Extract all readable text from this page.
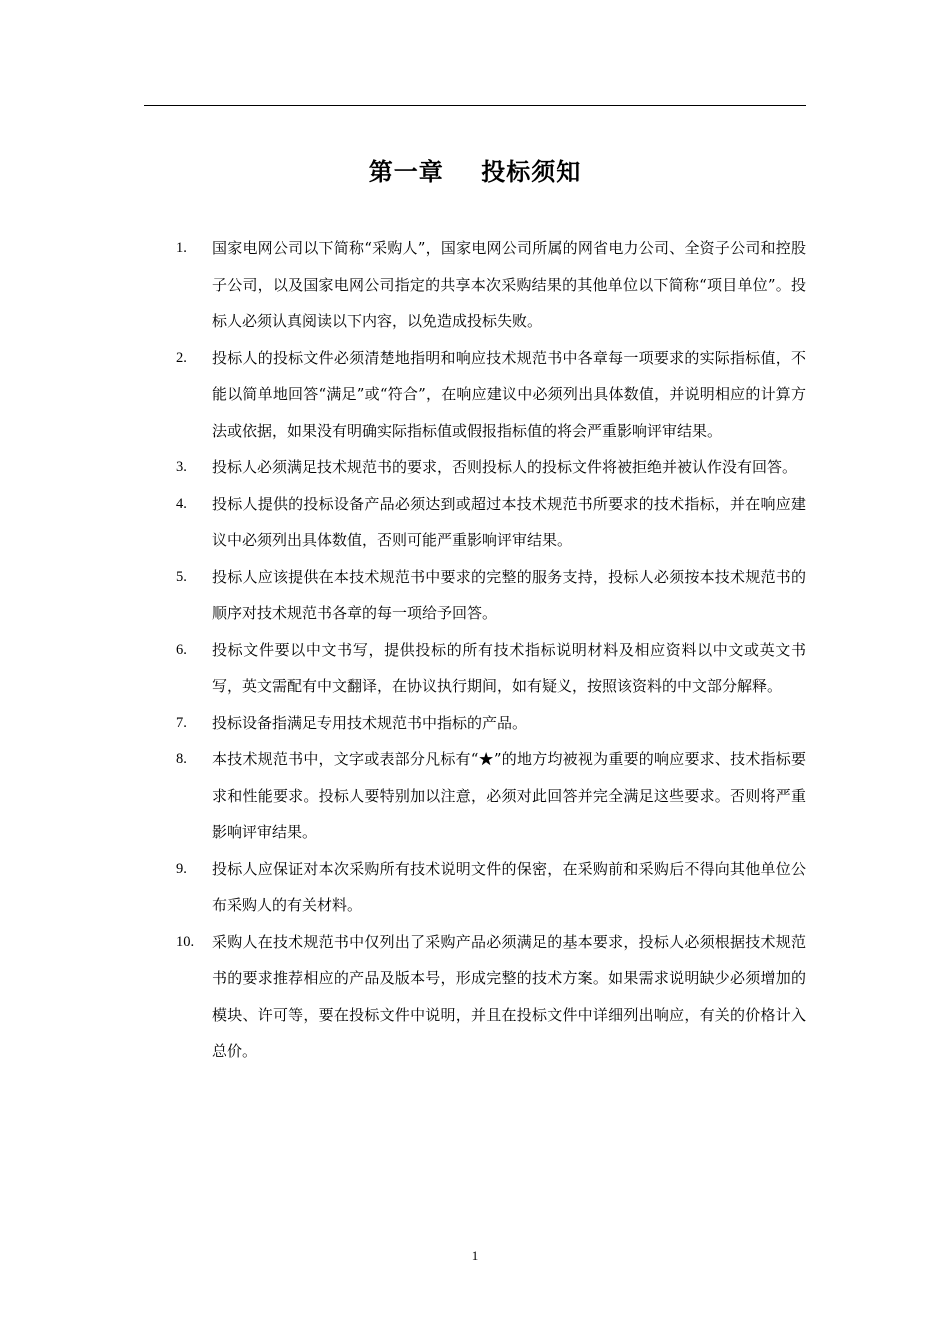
第一章    投标须知
1.	国家电网公司以下简称“采购人”，国家电网公司所属的网省电力公司、全资子公司和控股子公司，以及国家电网公司指定的共享本次采购结果的其他单位以下简称“项目单位”。投标人必须认真阅读以下内容，以免造成投标失败。
2.	投标人的投标文件必须清楚地指明和响应技术规范书中各章每一项要求的实际指标值，不能以简单地回答“满足”或“符合”，在响应建议中必须列出具体数值，并说明相应的计算方法或依据，如果没有明确实际指标值或假报指标值的将会严重影响评审结果。
3.	投标人必须满足技术规范书的要求，否则投标人的投标文件将被拒绝并被认作没有回答。
4.	投标人提供的投标设备产品必须达到或超过本技术规范书所要求的技术指标，并在响应建议中必须列出具体数值，否则可能严重影响评审结果。
5.	投标人应该提供在本技术规范书中要求的完整的服务支持，投标人必须按本技术规范书的顺序对技术规范书各章的每一项给予回答。
6.	投标文件要以中文书写，提供投标的所有技术指标说明材料及相应资料以中文或英文书写，英文需配有中文翻译，在协议执行期间，如有疑义，按照该资料的中文部分解释。
7.	投标设备指满足专用技术规范书中指标的产品。
8.	本技术规范书中，文字或表部分凡标有“★”的地方均被视为重要的响应要求、技术指标要求和性能要求。投标人要特别加以注意，必须对此回答并完全满足这些要求。否则将严重影响评审结果。
9.	投标人应保证对本次采购所有技术说明文件的保密，在采购前和采购后不得向其他单位公布采购人的有关材料。
10.	采购人在技术规范书中仅列出了采购产品必须满足的基本要求，投标人必须根据技术规范书的要求推荐相应的产品及版本号，形成完整的技术方案。如果需求说明缺少必须增加的模块、许可等，要在投标文件中说明，并且在投标文件中详细列出响应，有关的价格计入总价。
1
